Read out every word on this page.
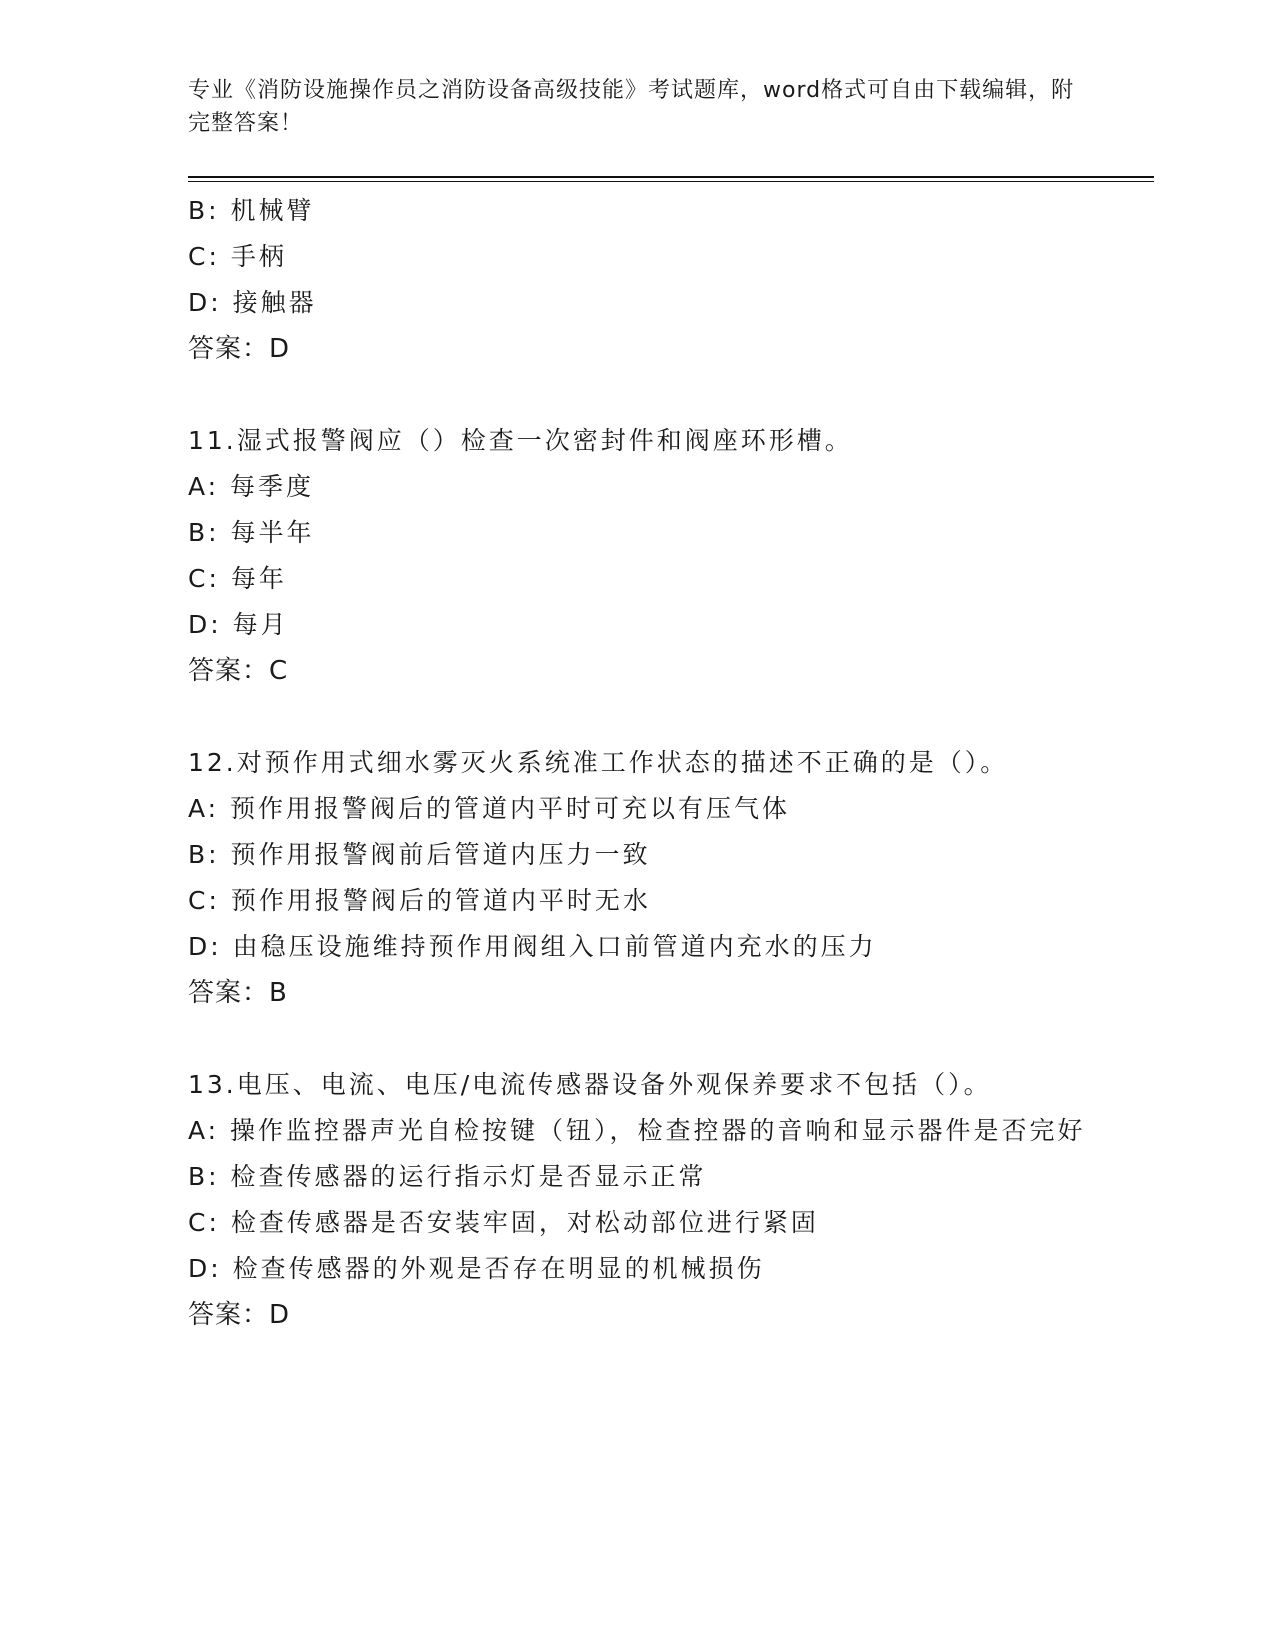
专业《消防设施操作员之消防设备高级技能》考试题库，word格式可自由下载编辑，附完整答案！
B: 机械臂
C: 手柄
D: 接触器
答案：D
11.湿式报警阀应（）检查一次密封件和阀座环形槽。
A: 每季度
B: 每半年
C: 每年
D: 每月
答案：C
12.对预作用式细水雾灭火系统准工作状态的描述不正确的是（）。
A: 预作用报警阀后的管道内平时可充以有压气体
B: 预作用报警阀前后管道内压力一致
C: 预作用报警阀后的管道内平时无水
D: 由稳压设施维持预作用阀组入口前管道内充水的压力
答案：B
13.电压、电流、电压/电流传感器设备外观保养要求不包括（）。
A: 操作监控器声光自检按键（钮），检查控器的音响和显示器件是否完好
B: 检查传感器的运行指示灯是否显示正常
C: 检查传感器是否安装牢固，对松动部位进行紧固
D: 检查传感器的外观是否存在明显的机械损伤
答案：D
